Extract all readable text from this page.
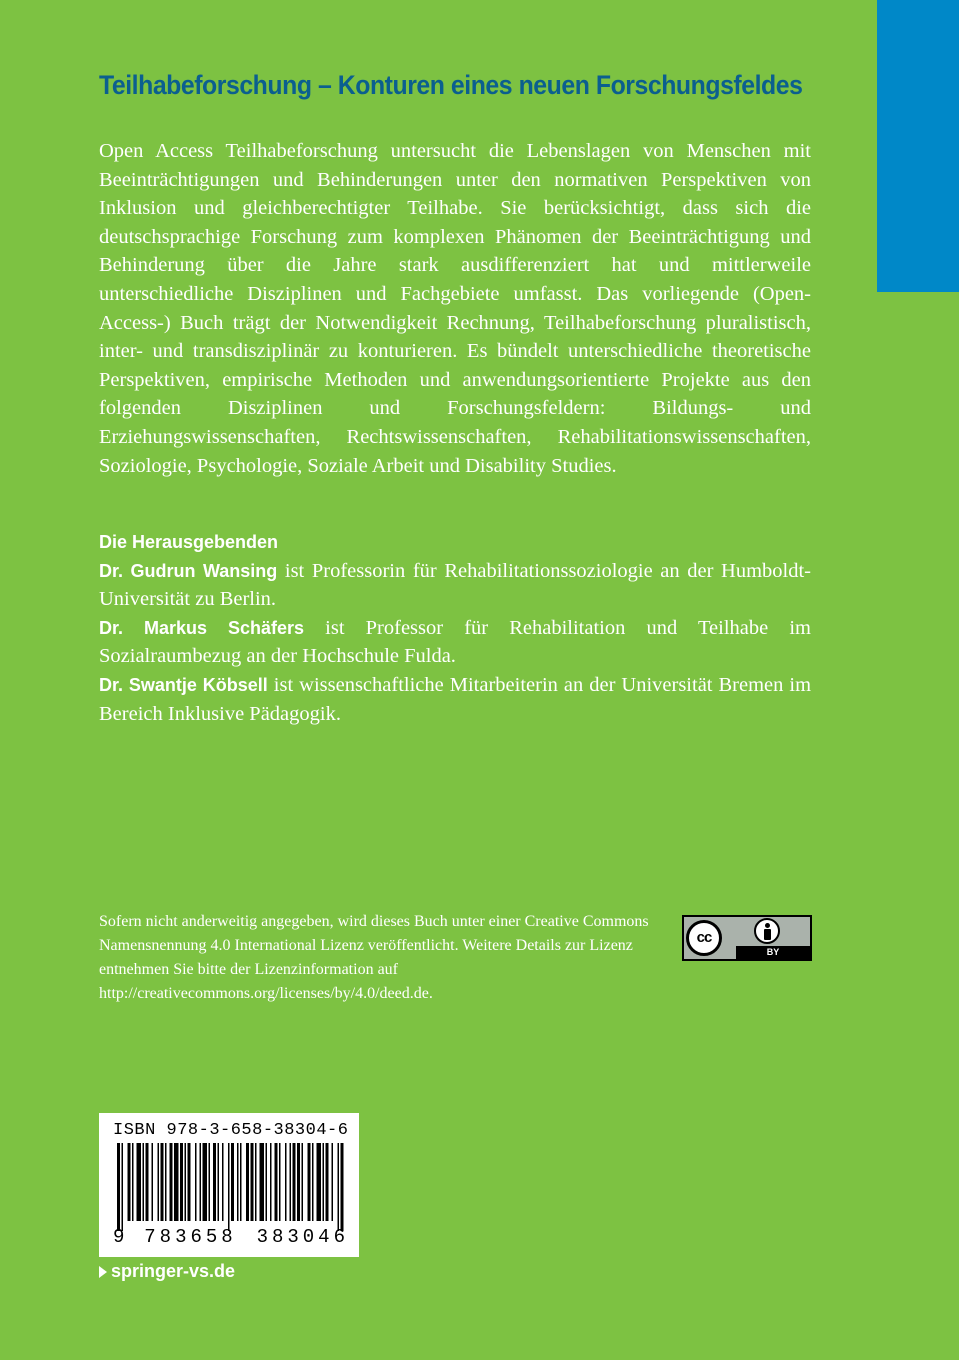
Teilhabeforschung – Konturen eines neuen Forschungsfeldes

Open Access Teilhabeforschung untersucht die Lebenslagen von Menschen mit Beeinträchtigungen und Behinderungen unter den normativen Perspektiven von Inklusion und gleichberechtigter Teilhabe. Sie berücksichtigt, dass sich die deutschsprachige Forschung zum komplexen Phänomen der Beeinträchtigung und Behinderung über die Jahre stark ausdifferenziert hat und mittlerweile unterschiedliche Disziplinen und Fachgebiete umfasst. Das vorliegende (Open-Access-) Buch trägt der Notwendigkeit Rechnung, Teilhabeforschung pluralistisch, inter- und transdisziplinär zu konturieren. Es bündelt unterschiedliche theoretische Perspektiven, empirische Methoden und anwendungsorientierte Projekte aus den folgenden Disziplinen und Forschungsfeldern: Bildungs- und Erziehungswissenschaften, Rechtswissenschaften, Rehabilitationswissenschaften, Soziologie, Psychologie, Soziale Arbeit und Disability Studies.

Die Herausgebenden

Dr. Gudrun Wansing ist Professorin für Rehabilitationssoziologie an der Humboldt-Universität zu Berlin.

Dr. Markus Schäfers ist Professor für Rehabilitation und Teilhabe im Sozialraumbezug an der Hochschule Fulda.

Dr. Swantje Köbsell ist wissenschaftliche Mitarbeiterin an der Universität Bremen im Bereich Inklusive Pädagogik.

Sofern nicht anderweitig angegeben, wird dieses Buch unter einer Creative Commons Namensnennung 4.0 International Lizenz veröffentlicht. Weitere Details zur Lizenz entnehmen Sie bitte der Lizenzinformation auf http://creativecommons.org/licenses/by/4.0/deed.de.

cc
BY
ISBN 978-3-658-38304-6
9 783658 383046
springer-vs.de
